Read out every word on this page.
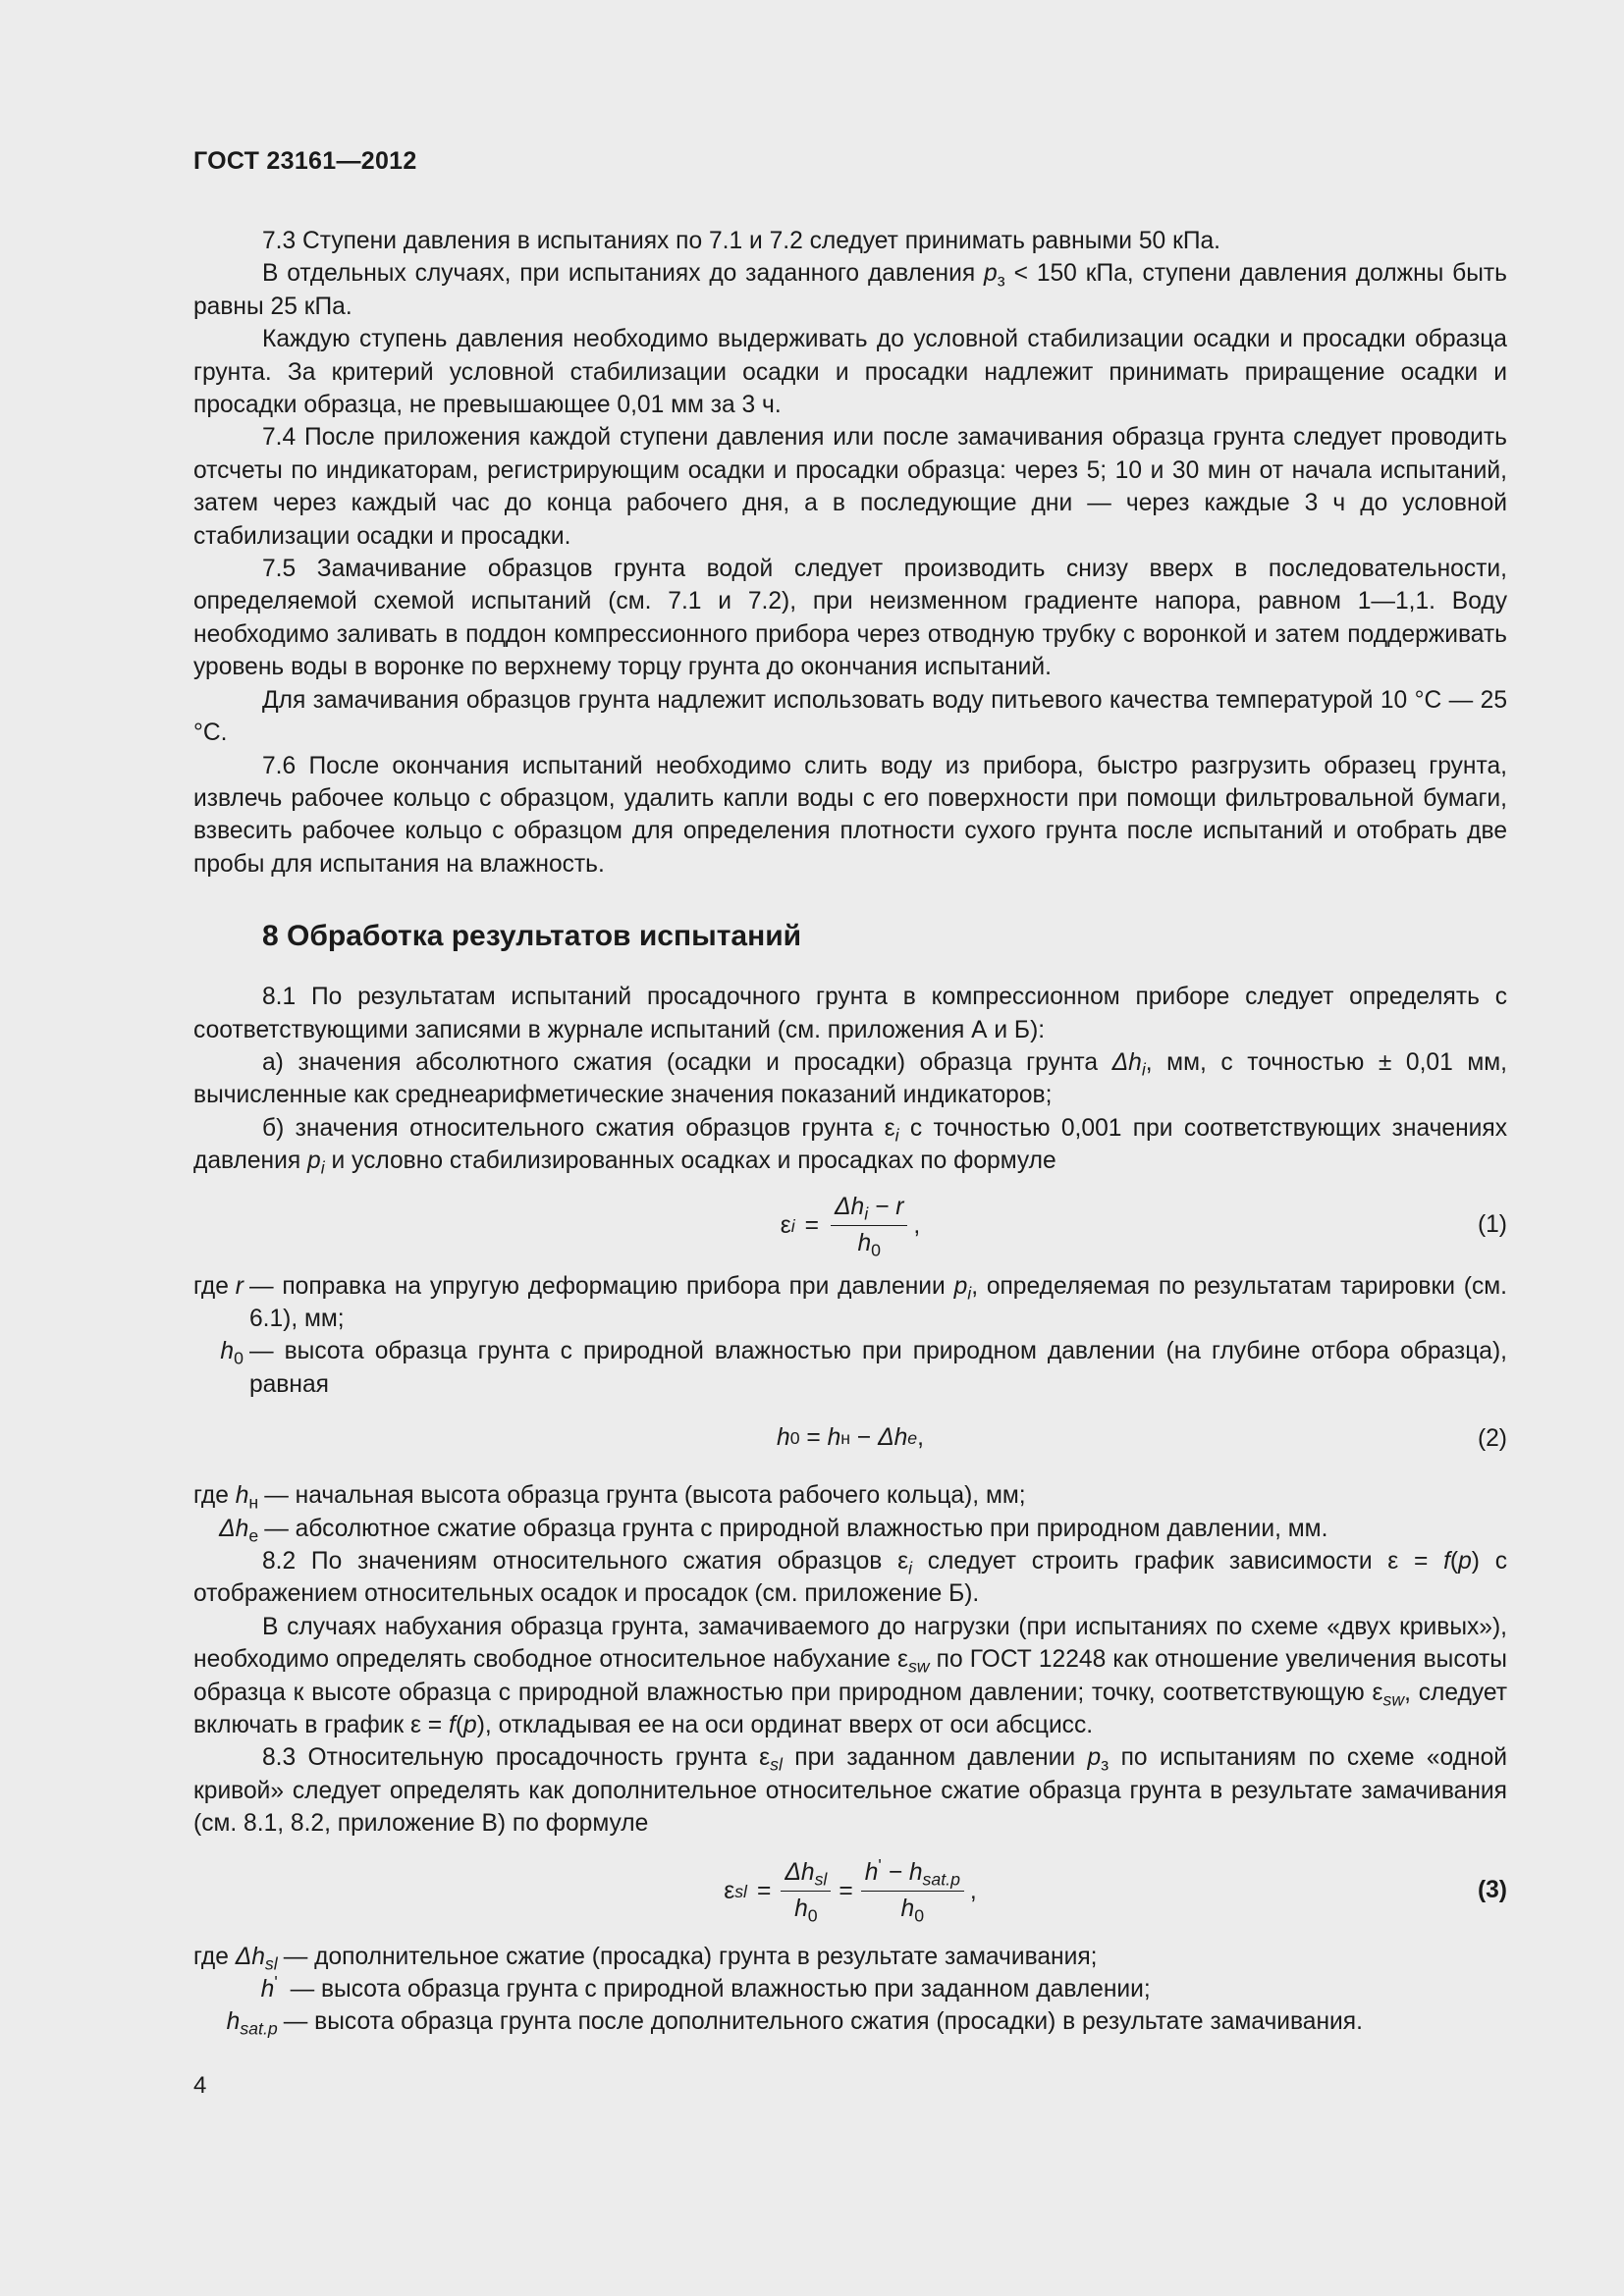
ГОСТ 23161—2012

7.3 Ступени давления в испытаниях по 7.1 и 7.2 следует принимать равными 50 кПа.

В отдельных случаях, при испытаниях до заданного давления $p_з < 150$ кПа, ступени давления должны быть равны 25 кПа.

Каждую ступень давления необходимо выдерживать до условной стабилизации осадки и просадки образца грунта. За критерий условной стабилизации осадки и просадки надлежит принимать приращение осадки и просадки образца, не превышающее 0,01 мм за 3 ч.

7.4 После приложения каждой ступени давления или после замачивания образца грунта следует проводить отсчеты по индикаторам, регистрирующим осадки и просадки образца: через 5; 10 и 30 мин от начала испытаний, затем через каждый час до конца рабочего дня, а в последующие дни — через каждые 3 ч до условной стабилизации осадки и просадки.

7.5 Замачивание образцов грунта водой следует производить снизу вверх в последовательности, определяемой схемой испытаний (см. 7.1 и 7.2), при неизменном градиенте напора, равном 1—1,1. Воду необходимо заливать в поддон компрессионного прибора через отводную трубку с воронкой и затем поддерживать уровень воды в воронке по верхнему торцу грунта до окончания испытаний.

Для замачивания образцов грунта надлежит использовать воду питьевого качества температурой 10 °С — 25 °С.

7.6 После окончания испытаний необходимо слить воду из прибора, быстро разгрузить образец грунта, извлечь рабочее кольцо с образцом, удалить капли воды с его поверхности при помощи фильтровальной бумаги, взвесить рабочее кольцо с образцом для определения плотности сухого грунта после испытаний и отобрать две пробы для испытания на влажность.

8 Обработка результатов испытаний

8.1 По результатам испытаний просадочного грунта в компрессионном приборе следует определять с соответствующими записями в журнале испытаний (см. приложения А и Б):

а) значения абсолютного сжатия (осадки и просадки) образца грунта $\Delta h_i$, мм, с точностью ± 0,01 мм, вычисленные как среднеарифметические значения показаний индикаторов;

б) значения относительного сжатия образцов грунта $\varepsilon_i$ с точностью 0,001 при соответствующих значениях давления $p_i$ и условно стабилизированных осадках и просадках по формуле

ε $i = \frac{\Delta h_i - r}{h_0}$ ,	(1)
где r — поправка на упругую деформацию прибора при давлении $p_i$, определяемая по результатам тарировки (см. 6.1), мм;
$h_0$ — высота образца грунта с природной влажностью при природном давлении (на глубине отбора образца), равная
h 0 = h н − Δh e ,	(2)
где $h_н$ — начальная высота образца грунта (высота рабочего кольца), мм;
$\Delta h_e$ — абсолютное сжатие образца грунта с природной влажностью при природном давлении, мм.

8.2 По значениям относительного сжатия образцов $\varepsilon_i$ следует строить график зависимости ε = f(p) с отображением относительных осадок и просадок (см. приложение Б).

В случаях набухания образца грунта, замачиваемого до нагрузки (при испытаниях по схеме «двух кривых»), необходимо определять свободное относительное набухание $\varepsilon_{sw}$ по ГОСТ 12248 как отношение увеличения высоты образца к высоте образца с природной влажностью при природном давлении; точку, соответствующую $\varepsilon_{sw}$, следует включать в график ε = f(p), откладывая ее на оси ординат вверх от оси абсцисс.

8.3 Относительную просадочность грунта $\varepsilon_{sl}$ при заданном давлении $p_з$ по испытаниям по схеме «одной кривой» следует определять как дополнительное относительное сжатие образца грунта в результате замачивания (см. 8.1, 8.2, приложение В) по формуле

ε sl = $\frac{\Delta h_{sl}}{h_0} = \frac{h' - h_{sat.p}}{h_0}$ ,	(3)
где $\Delta h_{sl}$ — дополнительное сжатие (просадка) грунта в результате замачивания;
h' — высота образца грунта с природной влажностью при заданном давлении;
$h_{sat.p}$ — высота образца грунта после дополнительного сжатия (просадки) в результате замачивания.
4
